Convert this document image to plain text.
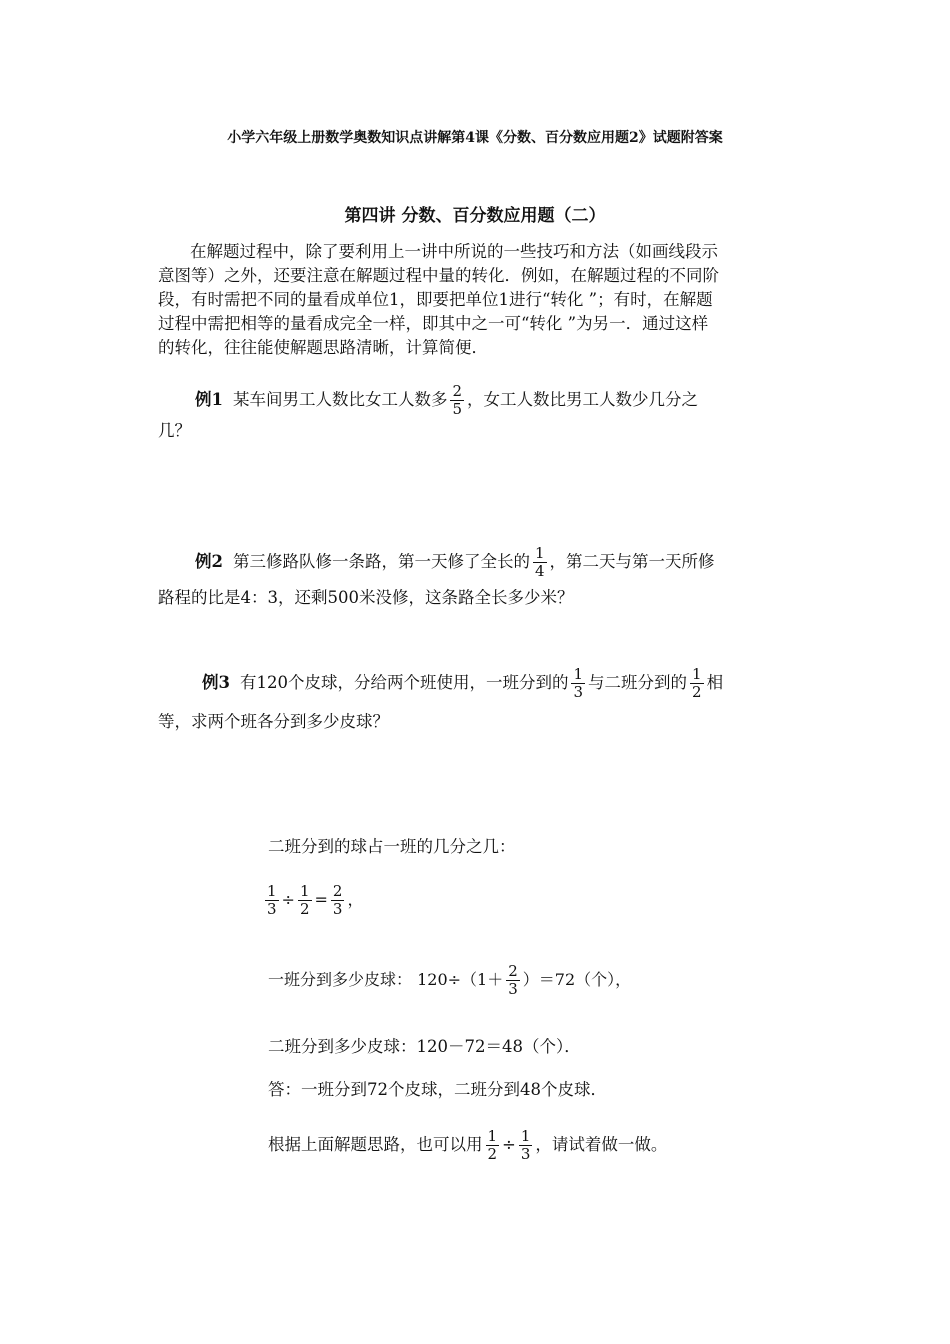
小学六年级上册数学奥数知识点讲解第4课《分数、百分数应用题2》试题附答案
第四讲 分数、百分数应用题（二）
在解题过程中，除了要利用上一讲中所说的一些技巧和方法（如画线段示
意图等）之外，还要注意在解题过程中量的转化．例如，在解题过程的不同阶
段，有时需把不同的量看成单位1，即要把单位1进行“转化 ”；有时，在解题
过程中需把相等的量看成完全一样，即其中之一可“转化 ”为另一．通过这样
的转化，往往能使解题思路清晰，计算简便．
例1 某车间男工人数比女工人数多 $\frac{2}{5}$ ，女工人数比男工人数少几分之
几？
例2 第三修路队修一条路，第一天修了全长的 $\frac{1}{4}$ ，第二天与第一天所修
路程的比是4：3，还剩500米没修，这条路全长多少米？
例3 有120个皮球，分给两个班使用，一班分到的 $\frac{1}{3}$ 与二班分到的 $\frac{1}{2}$ 相
等，求两个班各分到多少皮球？
二班分到的球占一班的几分之几：
$\frac{1}{3} \div \frac{1}{2} = \frac{2}{3}$ ，
一班分到多少皮球： $120\div(1+ \frac{2}{3} )=72$（个），
二班分到多少皮球：120－72＝48（个）．
答：一班分到72个皮球，二班分到48个皮球．
根据上面解题思路，也可以用 $\frac{1}{2} \div \frac{1}{3}$ ，请试着做一做。
